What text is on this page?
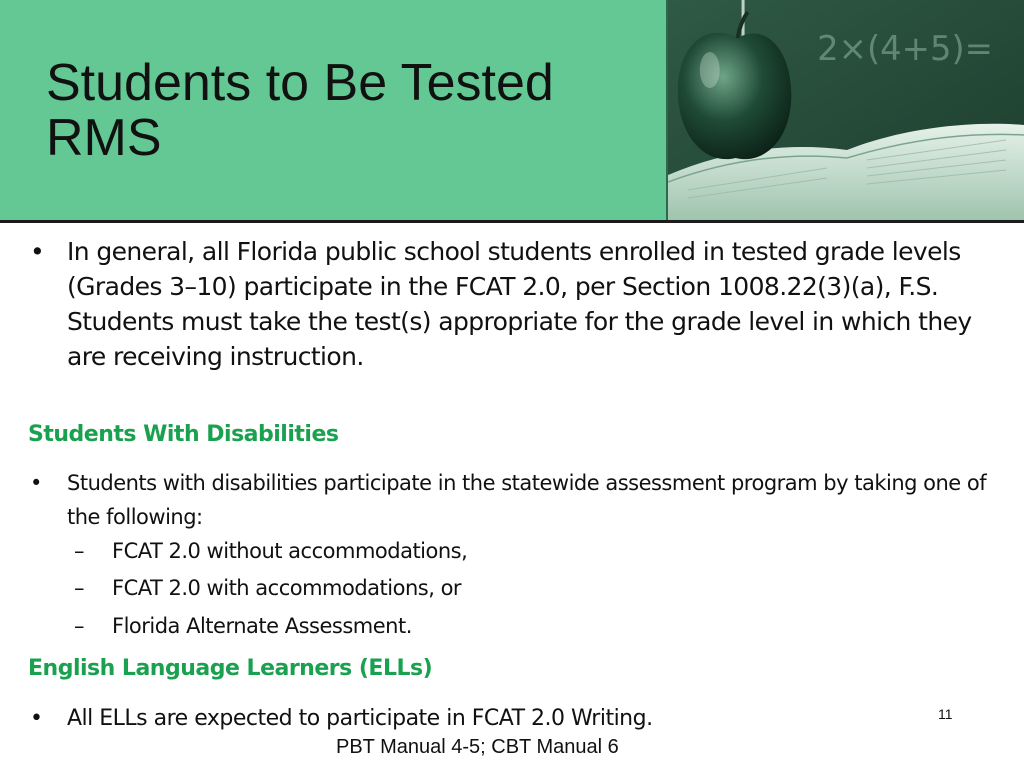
Students to Be Tested
RMS
2×(4+5)=
• In general, all Florida public school students enrolled in tested grade levels (Grades 3–10) participate in the FCAT 2.0, per Section 1008.22(3)(a), F.S. Students must take the test(s) appropriate for the grade level in which they are receiving instruction.

Students With Disabilities
• Students with disabilities participate in the statewide assessment program by taking one of the following:

– FCAT 2.0 without accommodations,
– FCAT 2.0 with accommodations, or
– Florida Alternate Assessment.
English Language Learners (ELLs)
• All ELLs are expected to participate in FCAT 2.0 Writing.	11
PBT Manual 4-5; CBT Manual 6
